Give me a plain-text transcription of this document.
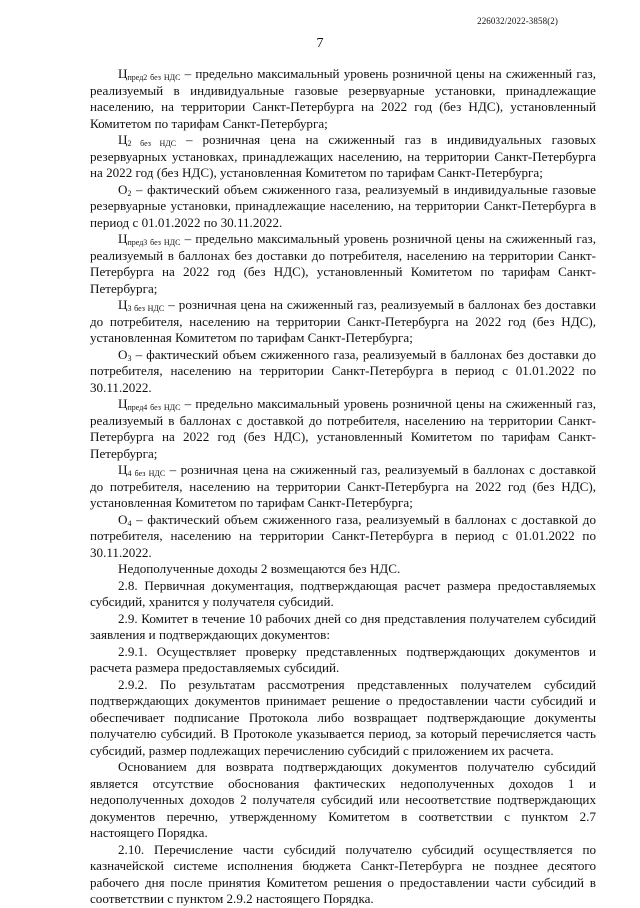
226032/2022-3858(2)
7

$Ц_{пред2 без НДС}$ – предельно максимальный уровень розничной цены на сжиженный газ, реализуемый в индивидуальные газовые резервуарные установки, принадлежащие населению, на территории Санкт-Петербурга на 2022 год (без НДС), установленный Комитетом по тарифам Санкт-Петербурга;

$Ц_{2 без НДС}$ – розничная цена на сжиженный газ в индивидуальных газовых резервуарных установках, принадлежащих населению, на территории Санкт-Петербурга на 2022 год (без НДС), установленная Комитетом по тарифам Санкт-Петербурга;

$О_2$ – фактический объем сжиженного газа, реализуемый в индивидуальные газовые резервуарные установки, принадлежащие населению, на территории Санкт-Петербурга в период с 01.01.2022 по 30.11.2022.

$Ц_{пред3 без НДС}$ – предельно максимальный уровень розничной цены на сжиженный газ, реализуемый в баллонах без доставки до потребителя, населению на территории Санкт-Петербурга на 2022 год (без НДС), установленный Комитетом по тарифам Санкт-Петербурга;

$Ц_{3 без НДС}$ – розничная цена на сжиженный газ, реализуемый в баллонах без доставки до потребителя, населению на территории Санкт-Петербурга на 2022 год (без НДС), установленная Комитетом по тарифам Санкт-Петербурга;

$О_3$ – фактический объем сжиженного газа, реализуемый в баллонах без доставки до потребителя, населению на территории Санкт-Петербурга в период с 01.01.2022 по 30.11.2022.

$Ц_{пред4 без НДС}$ – предельно максимальный уровень розничной цены на сжиженный газ, реализуемый в баллонах с доставкой до потребителя, населению на территории Санкт-Петербурга на 2022 год (без НДС), установленный Комитетом по тарифам Санкт-Петербурга;

$Ц_{4 без НДС}$ – розничная цена на сжиженный газ, реализуемый в баллонах с доставкой до потребителя, населению на территории Санкт-Петербурга на 2022 год (без НДС), установленная Комитетом по тарифам Санкт-Петербурга;

$О_4$ – фактический объем сжиженного газа, реализуемый в баллонах с доставкой до потребителя, населению на территории Санкт-Петербурга в период с 01.01.2022 по 30.11.2022.

Недополученные доходы 2 возмещаются без НДС.

2.8. Первичная документация, подтверждающая расчет размера предоставляемых субсидий, хранится у получателя субсидий.

2.9. Комитет в течение 10 рабочих дней со дня представления получателем субсидий заявления и подтверждающих документов:

2.9.1. Осуществляет проверку представленных подтверждающих документов и расчета размера предоставляемых субсидий.

2.9.2. По результатам рассмотрения представленных получателем субсидий подтверждающих документов принимает решение о предоставлении части субсидий и обеспечивает подписание Протокола либо возвращает подтверждающие документы получателю субсидий. В Протоколе указывается период, за который перечисляется часть субсидий, размер подлежащих перечислению субсидий с приложением их расчета.

Основанием для возврата подтверждающих документов получателю субсидий является отсутствие обоснования фактических недополученных доходов 1 и недополученных доходов 2 получателя субсидий или несоответствие подтверждающих документов перечню, утвержденному Комитетом в соответствии с пунктом 2.7 настоящего Порядка.

2.10. Перечисление части субсидий получателю субсидий осуществляется по казначейской системе исполнения бюджета Санкт-Петербурга не позднее десятого рабочего дня после принятия Комитетом решения о предоставлении части субсидий в соответствии с пунктом 2.9.2 настоящего Порядка.
